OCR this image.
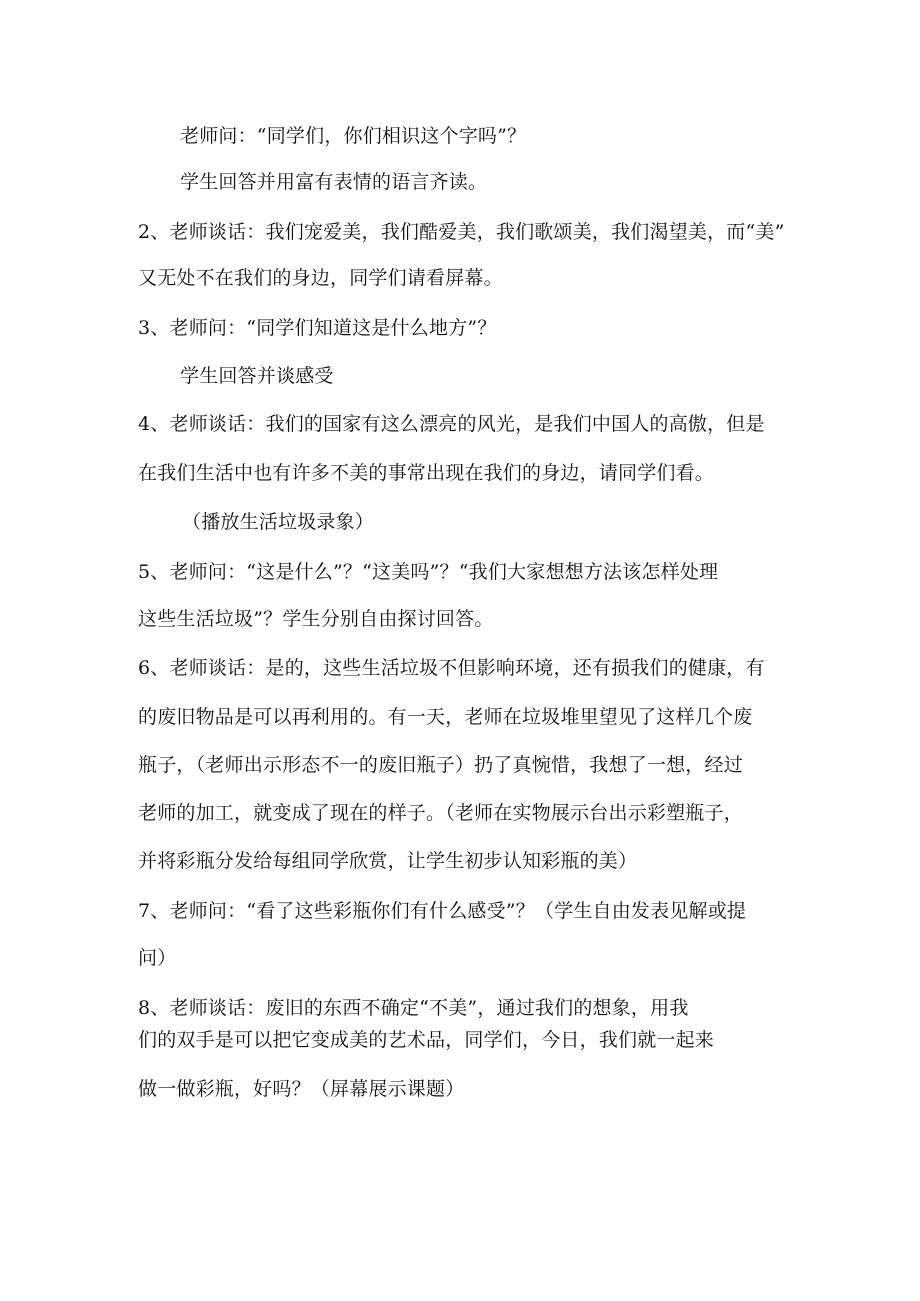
老师问：“同学们，你们相识这个字吗”？
学生回答并用富有表情的语言齐读。
2、老师谈话：我们宠爱美，我们酷爱美，我们歌颂美，我们渴望美，而“美”
又无处不在我们的身边，同学们请看屏幕。
3、老师问：“同学们知道这是什么地方”？
学生回答并谈感受
4、老师谈话：我们的国家有这么漂亮的风光，是我们中国人的高傲，但是
在我们生活中也有许多不美的事常出现在我们的身边，请同学们看。
（播放生活垃圾录象）
5、老师问：“这是什么”？“这美吗”？“我们大家想想方法该怎样处理
这些生活垃圾”？学生分别自由探讨回答。
6、老师谈话：是的，这些生活垃圾不但影响环境，还有损我们的健康，有
的废旧物品是可以再利用的。有一天，老师在垃圾堆里望见了这样几个废
瓶子，（老师出示形态不一的废旧瓶子）扔了真惋惜，我想了一想，经过
老师的加工，就变成了现在的样子。（老师在实物展示台出示彩塑瓶子，
并将彩瓶分发给每组同学欣赏，让学生初步认知彩瓶的美）
7、老师问：“看了这些彩瓶你们有什么感受”？（学生自由发表见解或提
问）
8、老师谈话：废旧的东西不确定“不美”，通过我们的想象，用我
们的双手是可以把它变成美的艺术品，同学们，今日，我们就一起来
做一做彩瓶，好吗？（屏幕展示课题）
